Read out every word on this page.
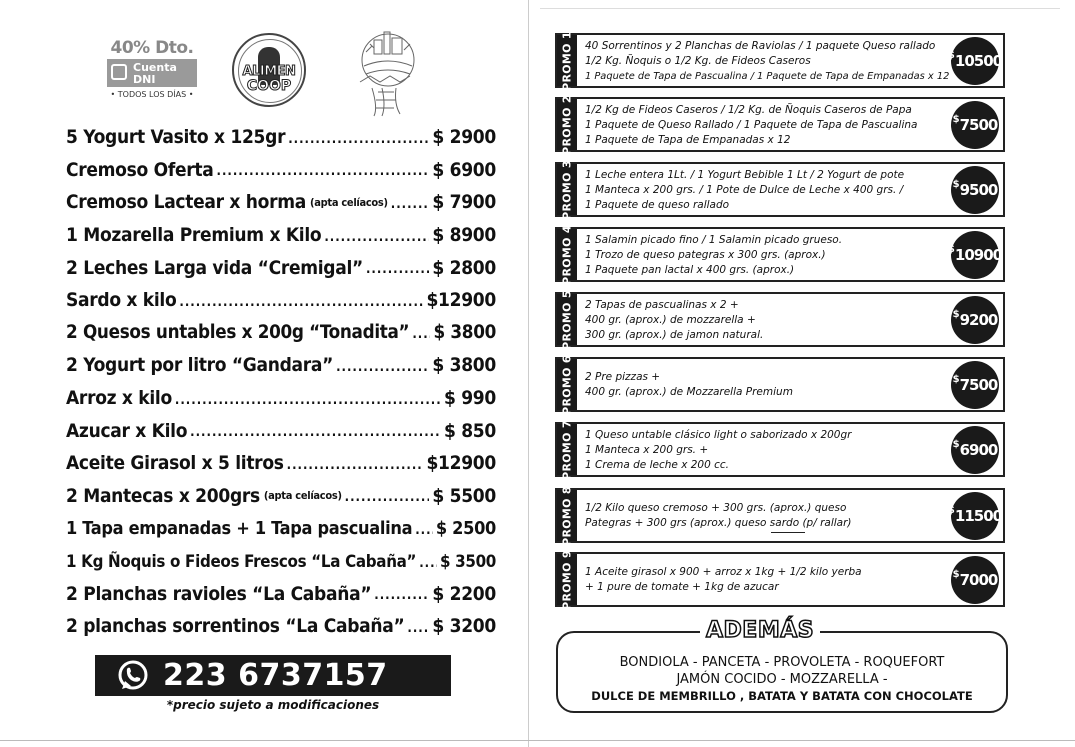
40% Dto.
Cuenta
DNI
• TODOS LOS DÍAS •
ALIMEN
COOP
5 Yogurt Vasito x 125gr .....	$ 2900
Cremoso Oferta .....	$ 6900
Cremoso Lactear x horma (apta celíacos) ..... $ 7900
1 Mozarella Premium x Kilo .....	$ 8900
2 Leches Larga vida “Cremigal” .....	$ 2800
Sardo x kilo .....	$12900
2 Quesos untables x 200g “Tonadita” ..... $ 3800
2 Yogurt por litro “Gandara” .....	$ 3800
Arroz x kilo .....	$ 990
Azucar x Kilo .....	$ 850
Aceite Girasol x 5 litros .....	$12900
2 Mantecas x 200grs (apta celíacos) .....	$ 5500
1 Tapa empanadas + 1 Tapa pascualina ..... $ 2500
1 Kg Ñoquis o Fideos Frescos “La Cabaña” ..... $ 3500
2 Planchas ravioles “La Cabaña” .....	$ 2200
2 planchas sorrentinos “La Cabaña” ..... $ 3200
223 6737157
*precio sujeto a modificaciones
PROMO 1 40 Sorrentinos y 2 Planchas de Raviolas / 1 paquete Queso rallado
1/2 Kg. Ñoquis o 1/2 Kg. de Fideos Caseros
1 Paquete de Tapa de Pascualina / 1 Paquete de Tapa de Empanadas x 12
$ 10500
PROMO 2 1/2 Kg de Fideos Caseros / 1/2 Kg. de Ñoquis Caseros de Papa
1 Paquete de Queso Rallado / 1 Paquete de Tapa de Pascualina
1 Paquete de Tapa de Empanadas x 12
$ 7500
PROMO 3 1 Leche entera 1Lt. / 1 Yogurt Bebible 1 Lt / 2 Yogurt de pote
1 Manteca x 200 grs. / 1 Pote de Dulce de Leche x 400 grs. /
1 Paquete de queso rallado
$ 9500
PROMO 4 1 Salamin picado fino / 1 Salamin picado grueso.
1 Trozo de queso pategras x 300 grs. (aprox.)
1 Paquete pan lactal x 400 grs. (aprox.)
$ 10900
PROMO 5 2 Tapas de pascualinas x 2 +
400 gr. (aprox.) de mozzarella +
300 gr. (aprox.) de jamon natural.
$ 9200
PROMO 6 2 Pre pizzas +
400 gr. (aprox.) de Mozzarella Premium
$ 7500
PROMO 7 1 Queso untable clásico light o saborizado x 200gr
1 Manteca x 200 grs. +
1 Crema de leche x 200 cc.
$ 6900
PROMO 8 1/2 Kilo queso cremoso + 300 grs. (aprox.) queso
Pategras + 300 grs (aprox.) queso sardo (p/ rallar)
$ 11500
PROMO 9 1 Aceite girasol x 900 + arroz x 1kg + 1/2 kilo yerba
+ 1 pure de tomate + 1kg de azucar
$ 7000
ADEMÁS
BONDIOLA - PANCETA - PROVOLETA - ROQUEFORT
JAMÓN COCIDO - MOZZARELLA -
DULCE DE MEMBRILLO , BATATA Y BATATA CON CHOCOLATE
